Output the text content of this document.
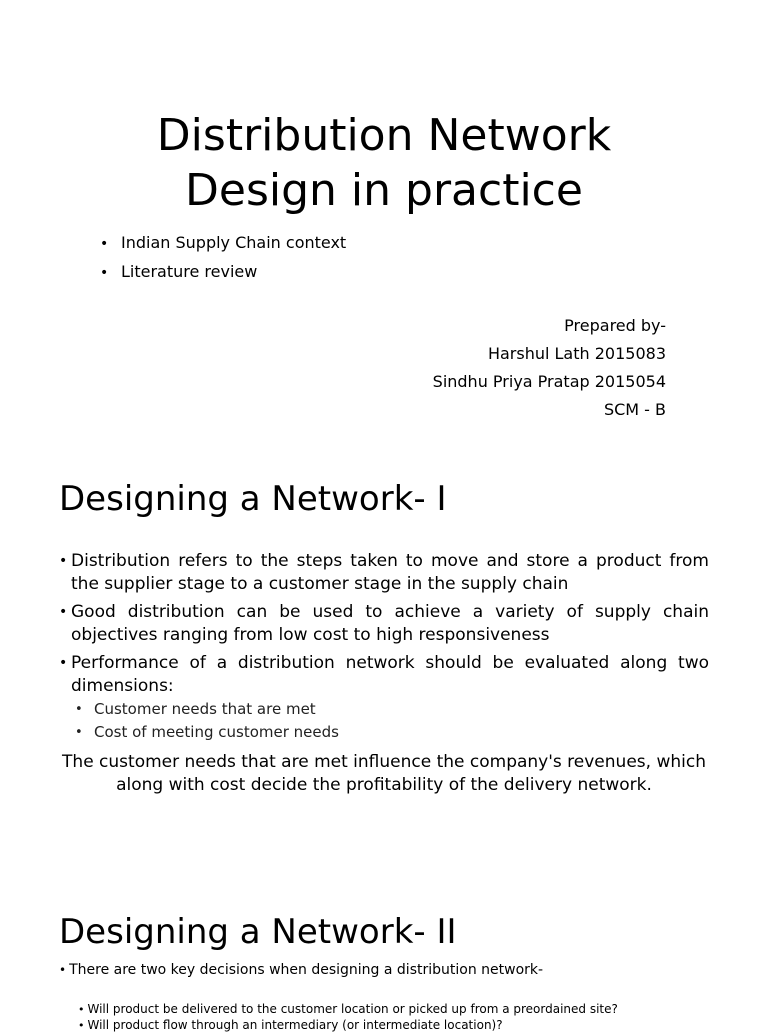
Distribution Network
Design in practice
• Indian Supply Chain context
• Literature review
Prepared by-
Harshul Lath 2015083
Sindhu Priya Pratap 2015054
SCM - B
Designing a Network- I
• Distribution refers to the steps taken to move and store a product from the supplier stage to a customer stage in the supply chain
• Good distribution can be used to achieve a variety of supply chain objectives ranging from low cost to high responsiveness
• Performance of a distribution network should be evaluated along two dimensions:
• Customer needs that are met
• Cost of meeting customer needs
The customer needs that are met influence the company's revenues, which along with cost decide the profitability of the delivery network.
Designing a Network- II
• There are two key decisions when designing a distribution network-
• Will product be delivered to the customer location or picked up from a preordained site?
• Will product flow through an intermediary (or intermediate location)?
